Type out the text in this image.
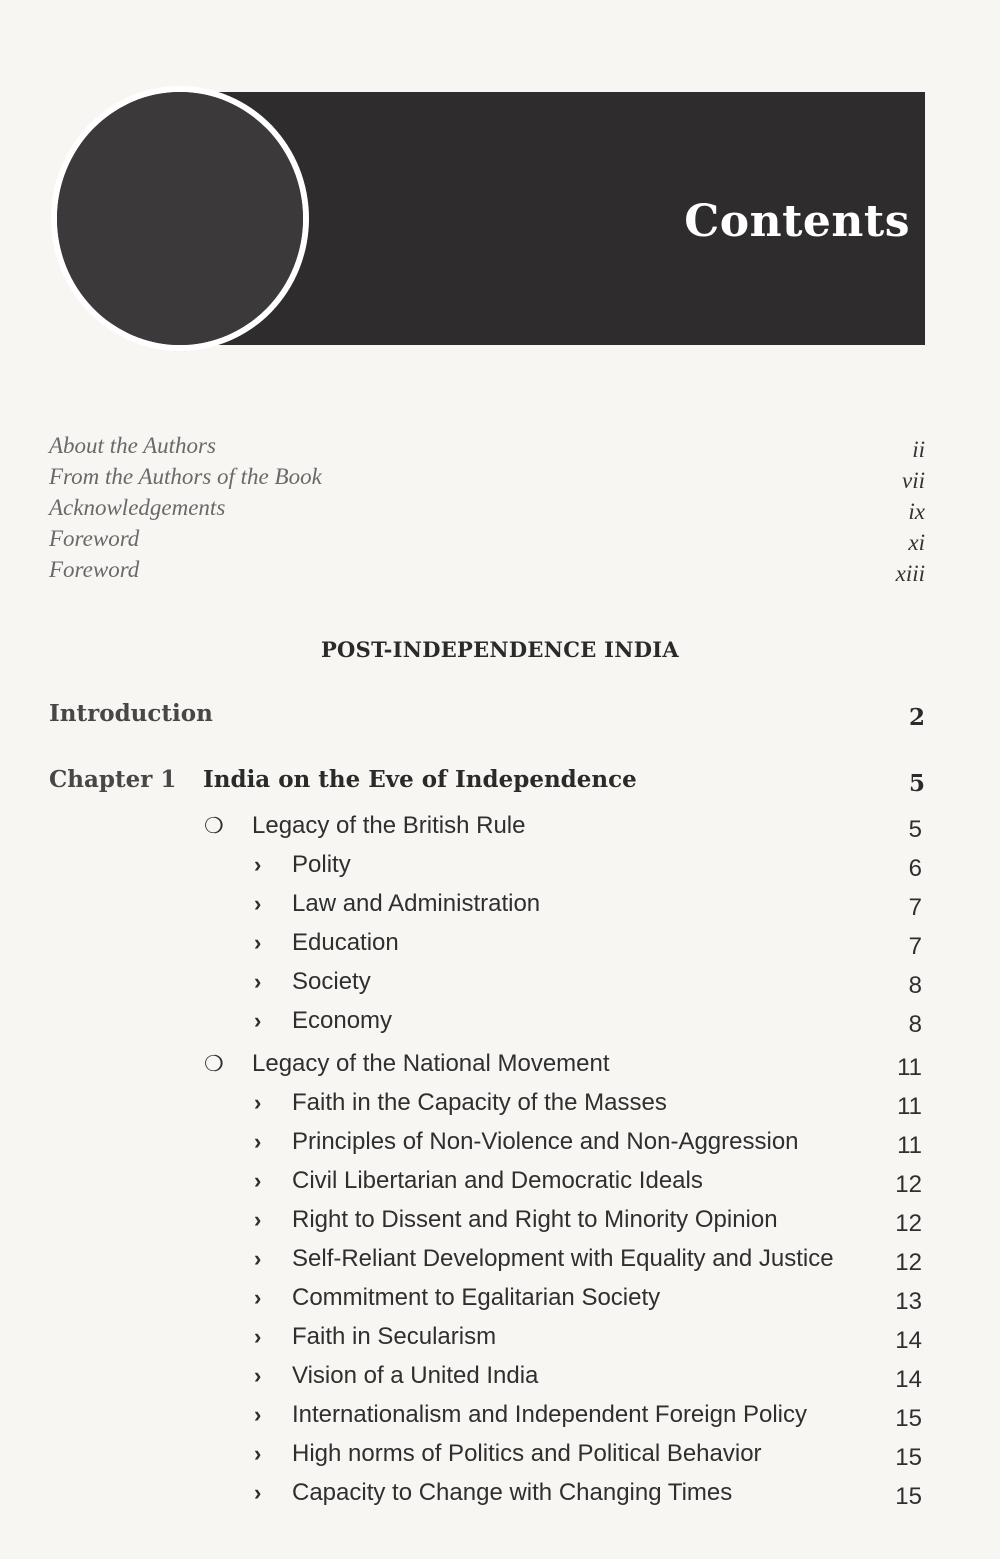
Contents
About the Authors	ii
From the Authors of the Book	vii
Acknowledgements	ix
Foreword	xi
Foreword	xiii
POST-INDEPENDENCE INDIA
Introduction	2
Chapter 1 India on the Eve of Independence	5
❍ Legacy of the British Rule	5
› Polity	6
› Law and Administration	7
› Education	7
› Society	8
› Economy	8
❍ Legacy of the National Movement	11
› Faith in the Capacity of the Masses	11
› Principles of Non-Violence and Non-Aggression	11
› Civil Libertarian and Democratic Ideals	12
› Right to Dissent and Right to Minority Opinion	12
› Self-Reliant Development with Equality and Justice	12
› Commitment to Egalitarian Society	13
› Faith in Secularism	14
› Vision of a United India	14
› Internationalism and Independent Foreign Policy	15
› High norms of Politics and Political Behavior	15
› Capacity to Change with Changing Times	15
